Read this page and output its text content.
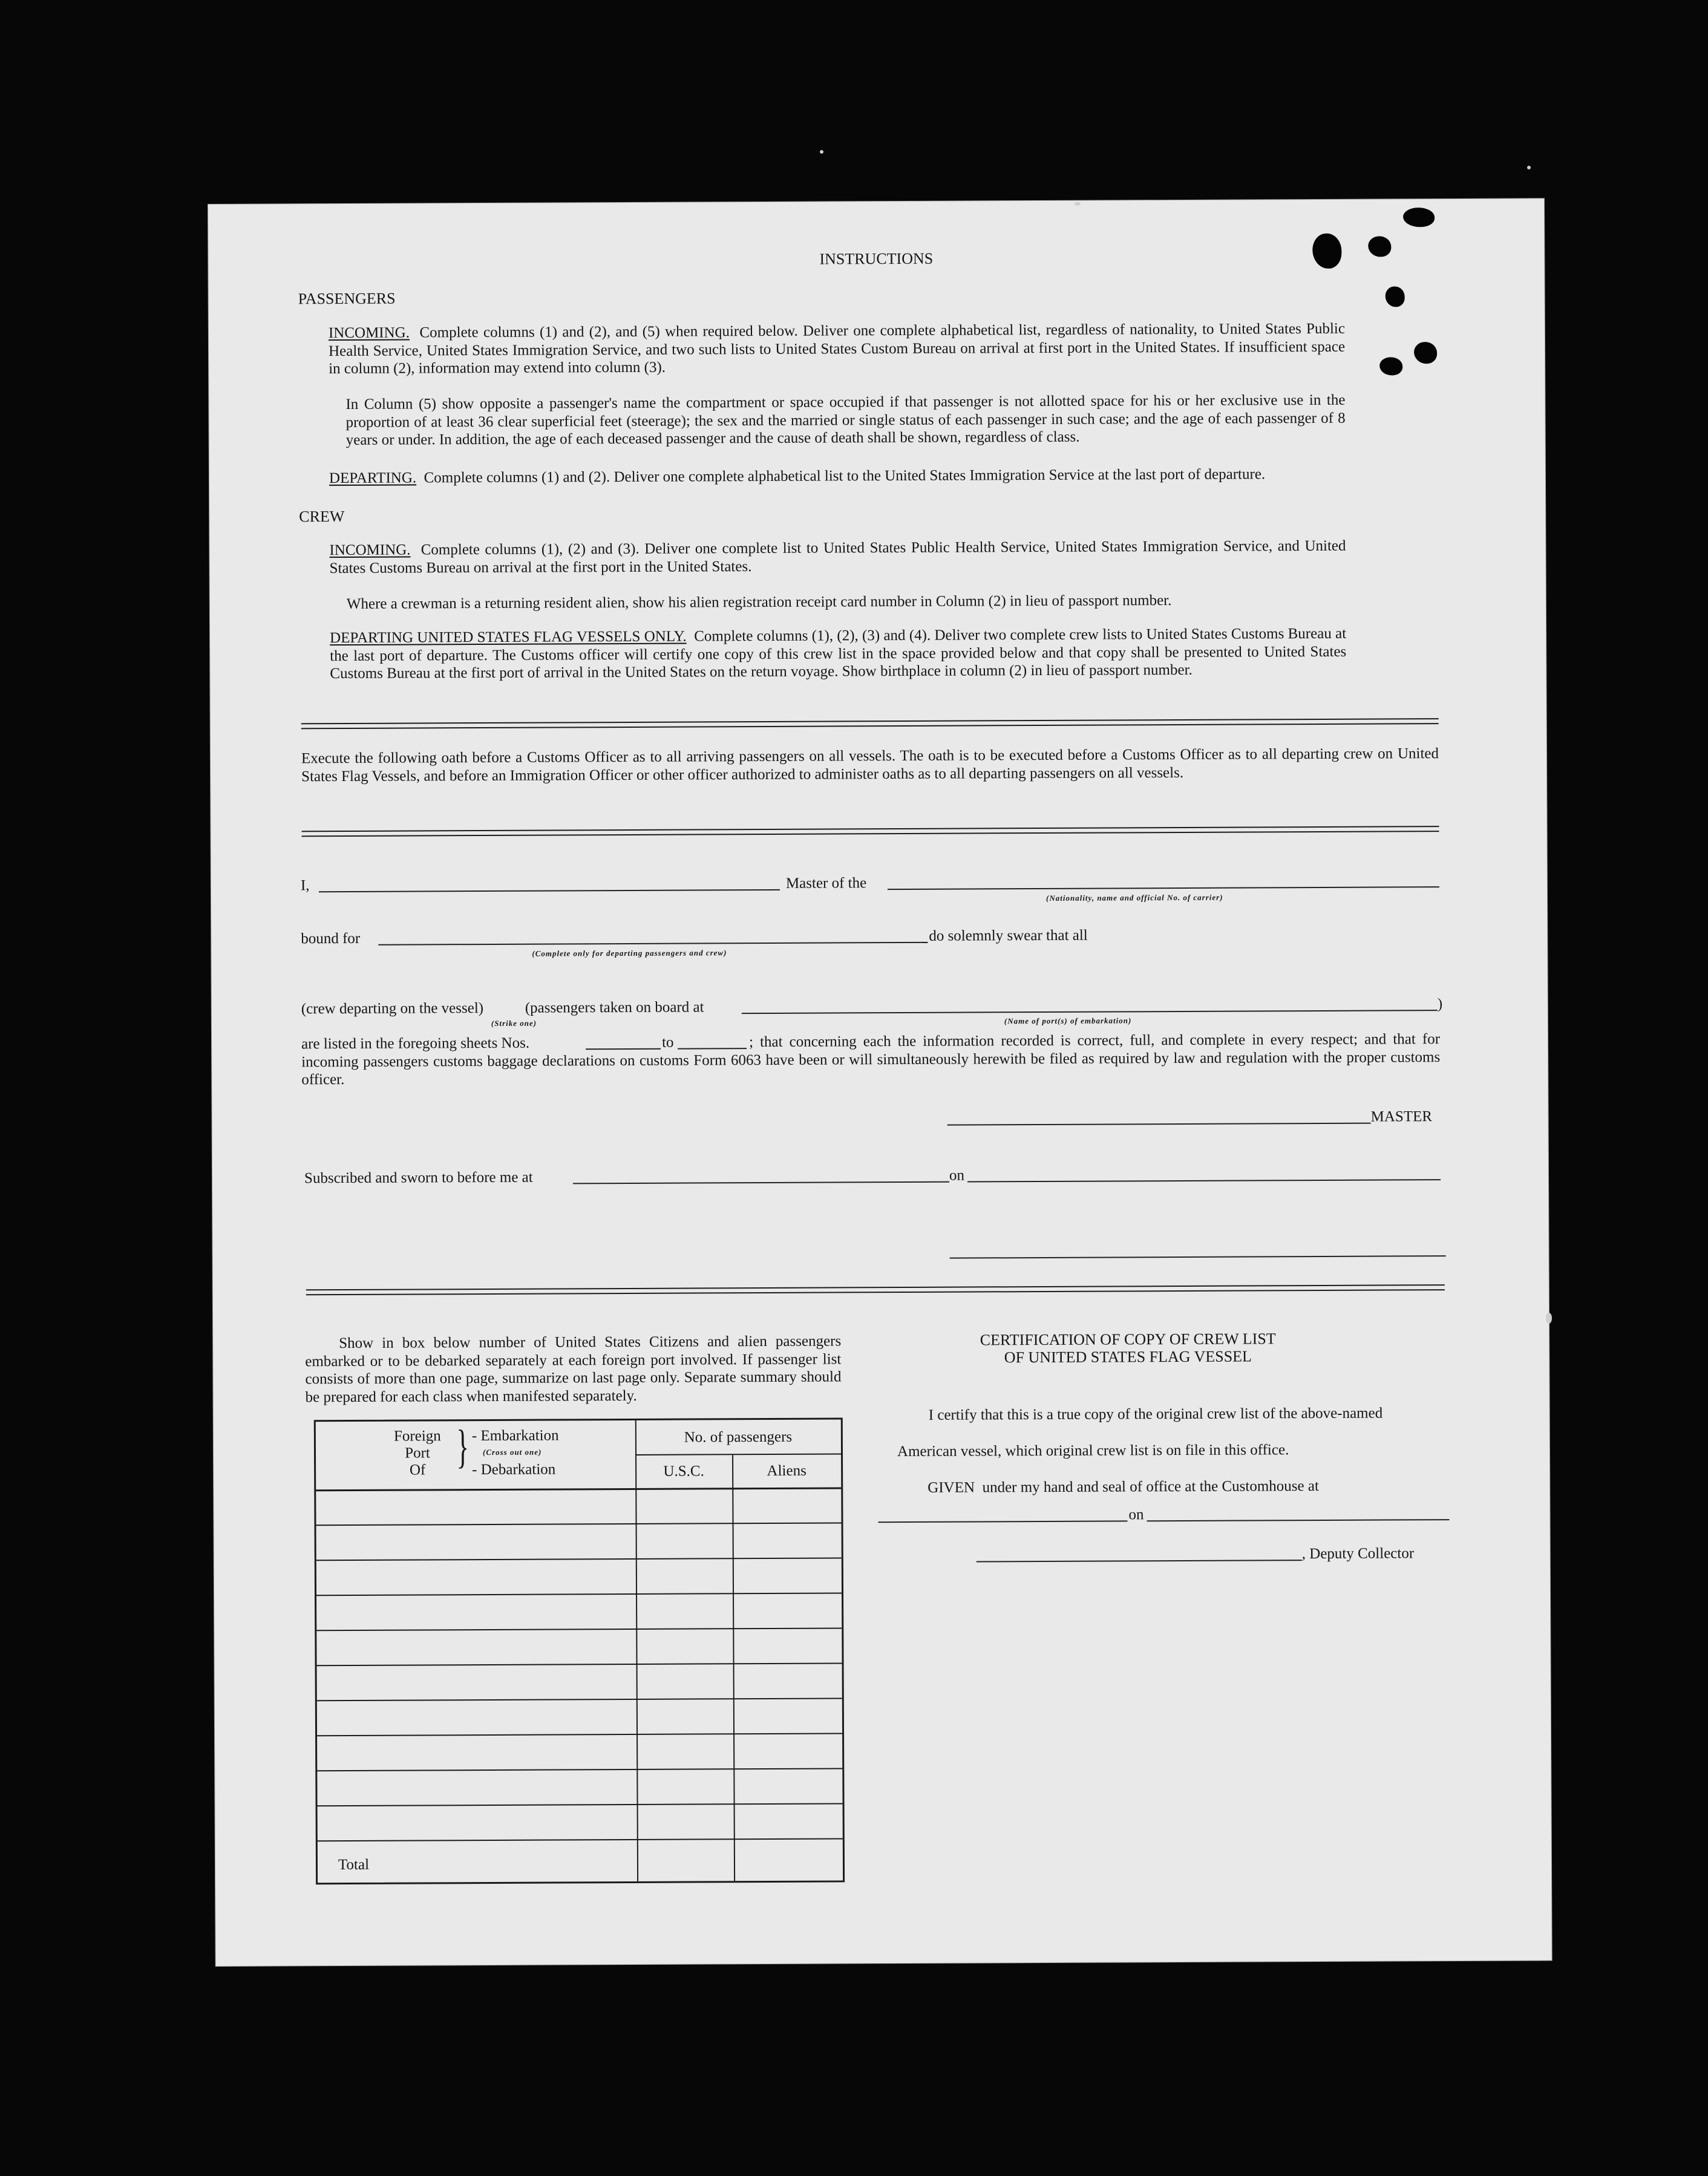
INSTRUCTIONS
PASSENGERS
INCOMING. Complete columns (1) and (2), and (5) when required below. Deliver one complete alphabetical list, regardless of nationality, to United States Public Health Service, United States Immigration Service, and two such lists to United States Custom Bureau on arrival at first port in the United States. If insufficient space in column (2), information may extend into column (3).
In Column (5) show opposite a passenger's name the compartment or space occupied if that passenger is not allotted space for his or her exclusive use in the proportion of at least 36 clear superficial feet (steerage); the sex and the married or single status of each passenger in such case; and the age of each passenger of 8 years or under. In addition, the age of each deceased passenger and the cause of death shall be shown, regardless of class.
DEPARTING. Complete columns (1) and (2). Deliver one complete alphabetical list to the United States Immigration Service at the last port of departure.
CREW
INCOMING. Complete columns (1), (2) and (3). Deliver one complete list to United States Public Health Service, United States Immigration Service, and United States Customs Bureau on arrival at the first port in the United States.
Where a crewman is a returning resident alien, show his alien registration receipt card number in Column (2) in lieu of passport number.
DEPARTING UNITED STATES FLAG VESSELS ONLY. Complete columns (1), (2), (3) and (4). Deliver two complete crew lists to United States Customs Bureau at the last port of departure. The Customs officer will certify one copy of this crew list in the space provided below and that copy shall be presented to United States Customs Bureau at the first port of arrival in the United States on the return voyage. Show birthplace in column (2) in lieu of passport number.
Execute the following oath before a Customs Officer as to all arriving passengers on all vessels. The oath is to be executed before a Customs Officer as to all departing crew on United States Flag Vessels, and before an Immigration Officer or other officer authorized to administer oaths as to all departing passengers on all vessels.
I,	Master of the
(Nationality, name and official No. of carrier)
bound for	do solemnly swear that all
(Complete only for departing passengers and crew)
(crew departing on the vessel)	(passengers taken on board at	)
(Strike one)	(Name of port(s) of embarkation)
are listed in the foregoing sheets Nos.	to	; that concerning each the information recorded is correct, full, and complete in every respect; and that for incoming passengers customs baggage declarations on customs Form 6063 have been or will simultaneously herewith be filed as required by law and regulation with the proper customs officer.
MASTER
Subscribed and sworn to before me at	on
Show in box below number of United States Citizens and alien passengers embarked or to be debarked separately at each foreign port involved. If passenger list consists of more than one page, summarize on last page only. Separate summary should be prepared for each class when manifested separately.
Foreign
Port
Of } - Embarkation
(Cross out one)
- Debarkation
No. of passengers
U.S.C.	Aliens
Total
CERTIFICATION OF COPY OF CREW LIST
OF UNITED STATES FLAG VESSEL
I certify that this is a true copy of the original crew list of the above-named
American vessel, which original crew list is on file in this office.
GIVEN under my hand and seal of office at the Customhouse at
on
, Deputy Collector
